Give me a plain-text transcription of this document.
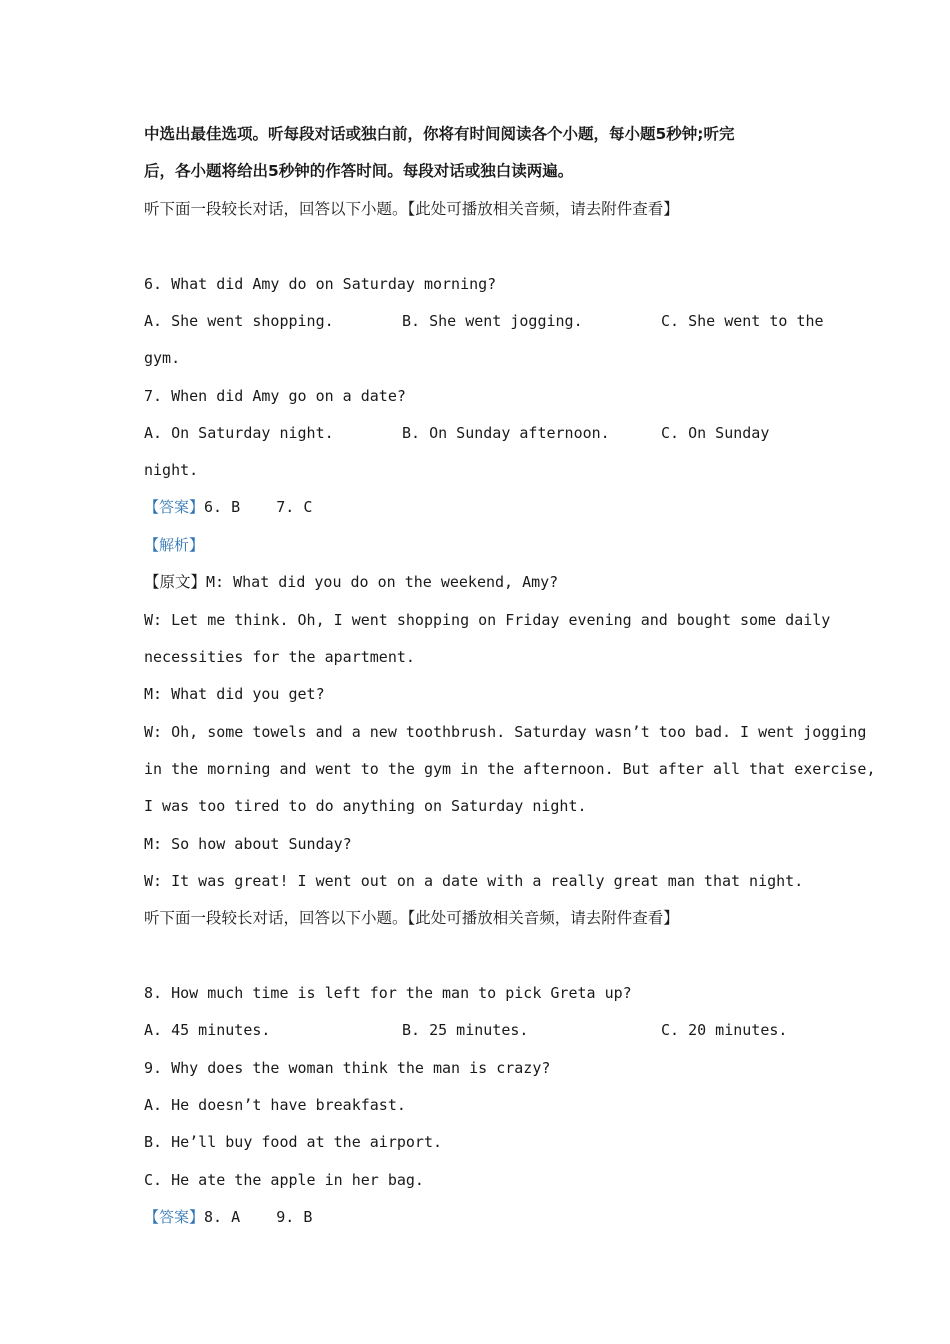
中选出最佳选项。听每段对话或独白前，你将有时间阅读各个小题，每小题5秒钟;听完
后，各小题将给出5秒钟的作答时间。每段对话或独白读两遍。
听下面一段较长对话，回答以下小题。【此处可播放相关音频，请去附件查看】
6. What did Amy do on Saturday morning?
A. She went shopping.	B. She went jogging.	C. She went to the
gym.
7. When did Amy go on a date?
A. On Saturday night.	B. On Sunday afternoon.	C. On Sunday
night.
【答案】6. B    7. C
【解析】
【原文】M: What did you do on the weekend, Amy?
W: Let me think. Oh, I went shopping on Friday evening and bought some daily
necessities for the apartment.
M: What did you get?
W: Oh, some towels and a new toothbrush. Saturday wasn’t too bad. I went jogging
in the morning and went to the gym in the afternoon. But after all that exercise,
I was too tired to do anything on Saturday night.
M: So how about Sunday?
W: It was great! I went out on a date with a really great man that night.
听下面一段较长对话，回答以下小题。【此处可播放相关音频，请去附件查看】
8. How much time is left for the man to pick Greta up?
A. 45 minutes.	B. 25 minutes.	C. 20 minutes.
9. Why does the woman think the man is crazy?
A. He doesn’t have breakfast.
B. He’ll buy food at the airport.
C. He ate the apple in her bag.
【答案】8. A    9. B
